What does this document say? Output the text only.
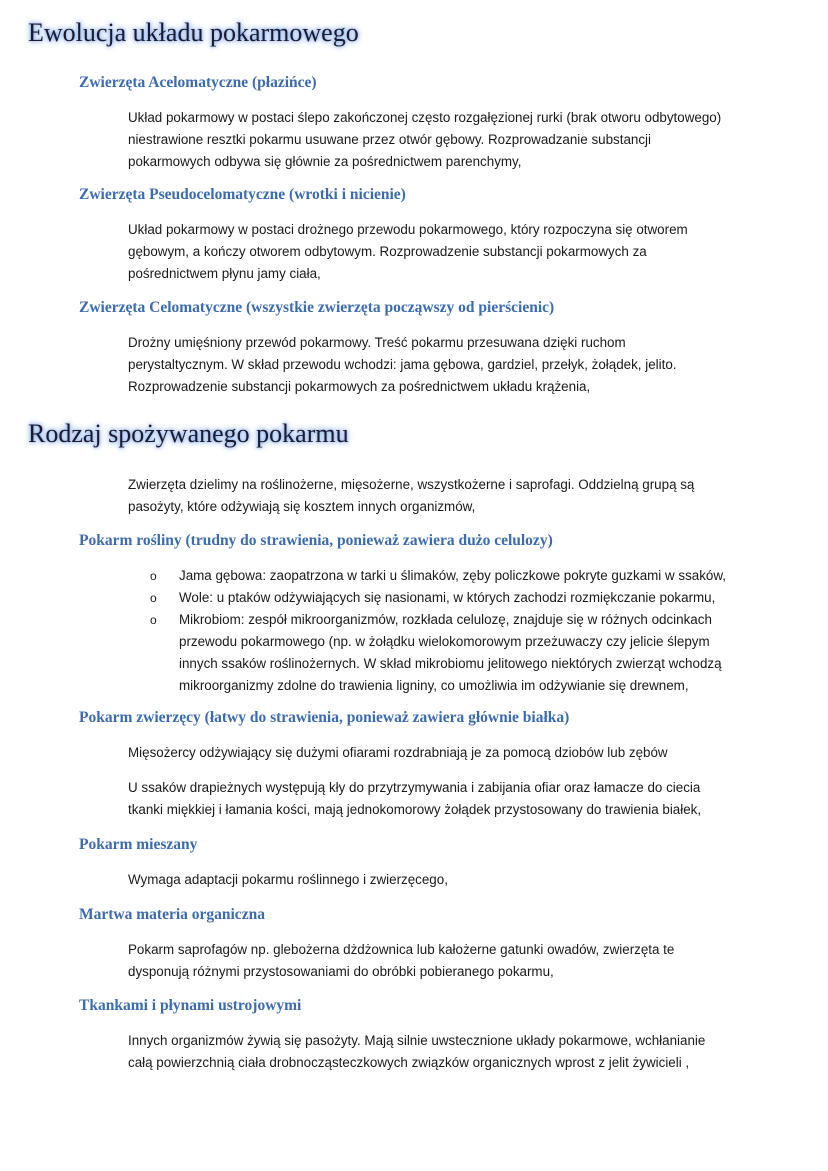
Ewolucja układu pokarmowego
Zwierzęta Acelomatyczne (płazińce)
Układ pokarmowy w postaci ślepo zakończonej często rozgałęzionej rurki (brak otworu odbytowego)
niestrawione resztki pokarmu usuwane przez otwór gębowy. Rozprowadzanie substancji
pokarmowych odbywa się głównie za pośrednictwem parenchymy,
Zwierzęta Pseudocelomatyczne (wrotki i nicienie)
Układ pokarmowy w postaci drożnego przewodu pokarmowego, który rozpoczyna się otworem
gębowym, a kończy otworem odbytowym. Rozprowadzenie substancji pokarmowych za
pośrednictwem płynu jamy ciała,
Zwierzęta Celomatyczne (wszystkie zwierzęta począwszy od pierścienic)
Drożny umięśniony przewód pokarmowy. Treść pokarmu przesuwana dzięki ruchom
perystaltycznym. W skład przewodu wchodzi: jama gębowa, gardziel, przełyk, żołądek, jelito.
Rozprowadzenie substancji pokarmowych za pośrednictwem układu krążenia,
Rodzaj spożywanego pokarmu
Zwierzęta dzielimy na roślinożerne, mięsożerne, wszystkożerne i saprofagi. Oddzielną grupą są
pasożyty, które odżywiają się kosztem innych organizmów,
Pokarm rośliny (trudny do strawienia, ponieważ zawiera dużo celulozy)
o Jama gębowa: zaopatrzona w tarki u ślimaków, zęby policzkowe pokryte guzkami w ssaków,
o Wole: u ptaków odżywiających się nasionami, w których zachodzi rozmiękczanie pokarmu,
o Mikrobiom: zespół mikroorganizmów, rozkłada celulozę, znajduje się w różnych odcinkach
przewodu pokarmowego (np. w żołądku wielokomorowym przeżuwaczy czy jelicie ślepym
innych ssaków roślinożernych. W skład mikrobiomu jelitowego niektórych zwierząt wchodzą
mikroorganizmy zdolne do trawienia ligniny, co umożliwia im odżywianie się drewnem,
Pokarm zwierzęcy (łatwy do strawienia, ponieważ zawiera głównie białka)
Mięsożercy odżywiający się dużymi ofiarami rozdrabniają je za pomocą dziobów lub zębów
U ssaków drapieżnych występują kły do przytrzymywania i zabijania ofiar oraz łamacze do ciecia
tkanki miękkiej i łamania kości, mają jednokomorowy żołądek przystosowany do trawienia białek,
Pokarm mieszany
Wymaga adaptacji pokarmu roślinnego i zwierzęcego,
Martwa materia organiczna
Pokarm saprofagów np. glebożerna dżdżownica lub kałożerne gatunki owadów, zwierzęta te
dysponują różnymi przystosowaniami do obróbki pobieranego pokarmu,
Tkankami i płynami ustrojowymi
Innych organizmów żywią się pasożyty. Mają silnie uwstecznione układy pokarmowe, wchłanianie
całą powierzchnią ciała drobnocząsteczkowych związków organicznych wprost z jelit żywicieli ,
